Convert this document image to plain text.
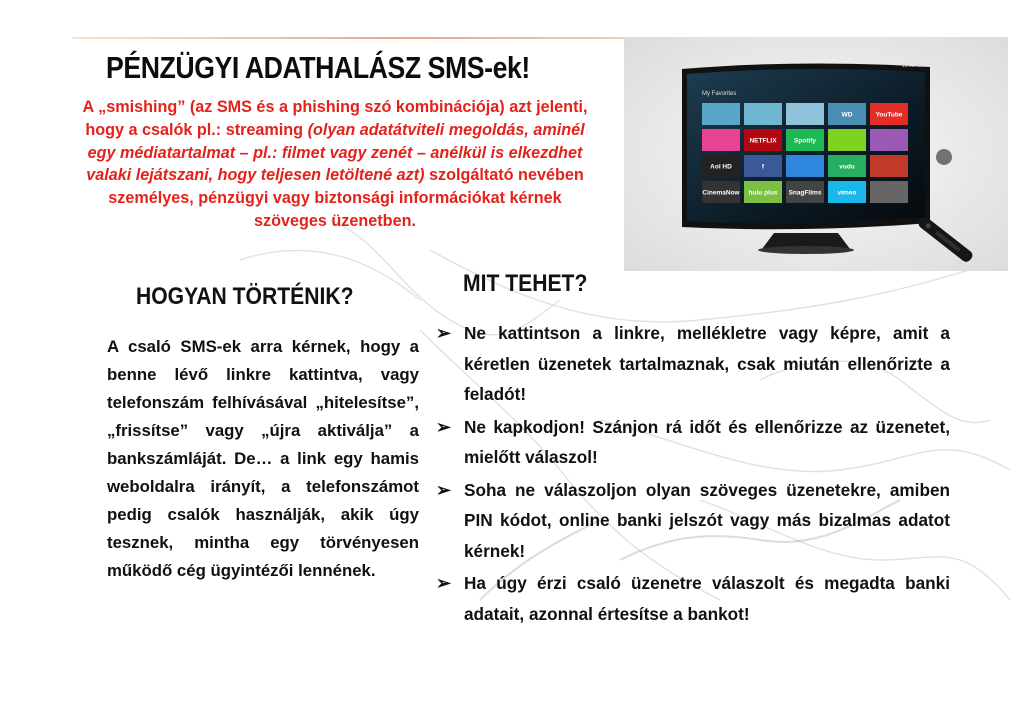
PÉNZÜGYI ADATHALÁSZ SMS-ek!
A „smishing” (az SMS és a phishing szó kombinációja) azt jelenti, hogy a csalók pl.: streaming (olyan adatátviteli megoldás, aminél egy médiatartalmat – pl.: filmet vagy zenét – anélkül is elkezdhet valaki lejátszani, hogy teljesen letöltené azt) szolgáltató nevében személyes, pénzügyi vagy biztonsági információkat kérnek szöveges üzenetben.
My Favorites
10:12 AM
WD	YouTube
NETFLIX	Spotify
Aol HD	f	vudu
CinemaNow hulu plus SnagFilms vimeo
HOGYAN TÖRTÉNIK?
A csaló SMS-ek arra kérnek, hogy a benne lévő linkre kattintva, vagy telefonszám felhívásával „hitelesítse”, „frissítse” vagy „újra aktiválja” a bankszámláját. De… a link egy hamis weboldalra irányít, a telefonszámot pedig csalók használják, akik úgy tesznek, mintha egy törvényesen működő cég ügyintézői lennének.
MIT TEHET?
➢ Ne kattintson a linkre, mellékletre vagy képre, amit a kéretlen üzenetek tartalmaznak, csak miután ellenőrizte a feladót!
➢ Ne kapkodjon! Szánjon rá időt és ellenőrizze az üzenetet, mielőtt válaszol!
➢ Soha ne válaszoljon olyan szöveges üzenetekre, amiben PIN kódot, online banki jelszót vagy más bizalmas adatot kérnek!
➢ Ha úgy érzi csaló üzenetre válaszolt és megadta banki adatait, azonnal értesítse a bankot!
